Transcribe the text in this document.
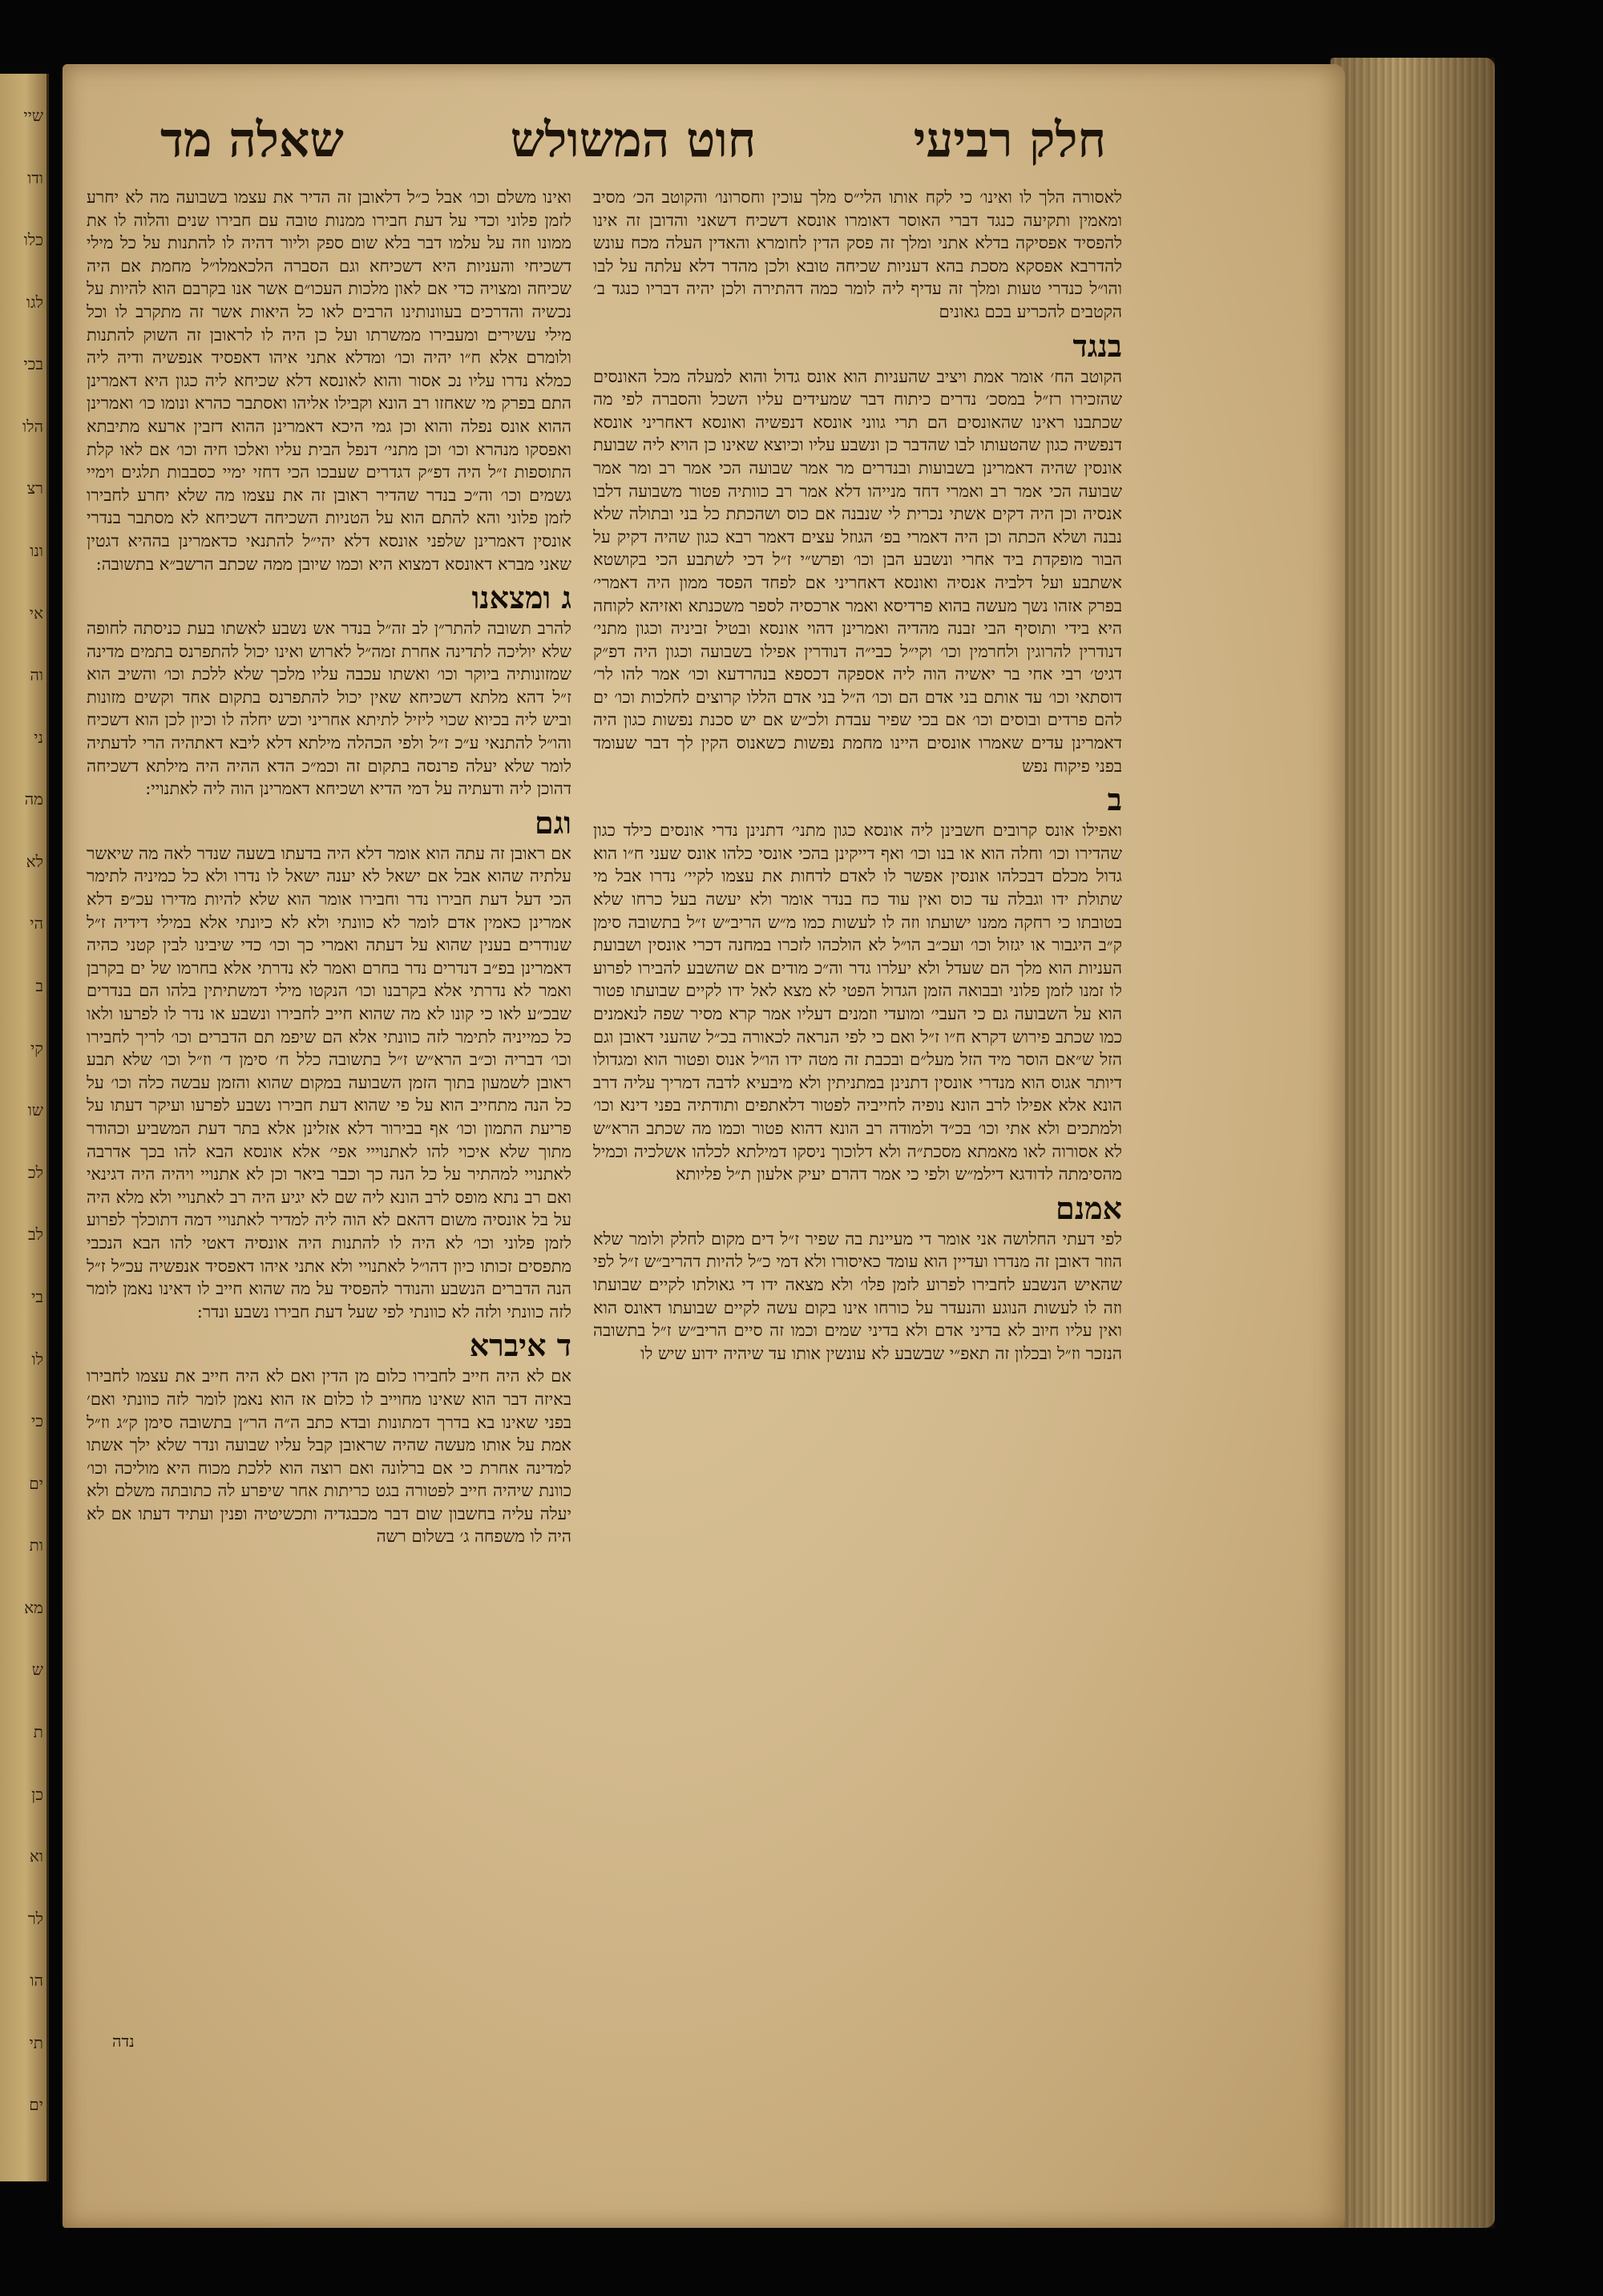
שיי
ודו
כלו
לגו
בכי
הלו
רצ
ונו
אי
וה
ני
מה
לא
הי
ב
קי
שו
לכ
לב
בי
לו
כי
ים
ות
מא
ש
ת
כן
וא
לר
הו
תי
ים
חלק רביעי
חוט המשולש
שאלה מד

לאסורה הלך לו ואינו׳ כי לקח אותו הלי״ס מלך עוכין וחסרונו׳ והקוטב הכ׳ מסיב ומאמין ותקיעה כנגד דברי האוסר דאומרו אונסא דשכיח דשאני והדובן זה אינו להפסיד אפסיקה בדלא אתני ומלך זה פסק הדין לחומרא והאדין העלה מכח עונש להדרבא אפסקא מסכת בהא דעניות שכיחה טובא ולכן מהדר דלא עלתה על לבו והו״ל כנדרי טעות ומלך זה עדיף ליה לומר כמה דהתירה ולכן יהיה דבריו כנגד ב׳ הקטבים להכריע בכם גאונים

בנגד

הקוטב הח׳ אומר אמת ויציב שהעניות הוא אונס גדול והוא למעלה מכל האונסים שהזכירו רז״ל במסכ׳ נדרים כיתוח דבר שמעידים עליו השכל והסברה לפי מה שכתבנו ראינו שהאונסים הם תרי גווני אונסא דנפשיה ואונסא דאחריני אונסא דנפשיה כגון שהטעותו לבו שהדבר כן ונשבע עליו וכיוצא שאינו כן הויא ליה שבועת אונסין שהיה דאמרינן בשבועות ובנדרים מר אמר שבועה הכי אמר רב ומר אמר שבועה הכי אמר רב ואמרי דחד מנייהו דלא אמר רב כוותיה פטור משבועה דלבו אנסיה וכן היה דקים אשתי נכרית לי שנבנה אם כוס ושהכתת כל בני ובתולה שלא נבנה ושלא הכתה וכן היה דאמרי בפ׳ הגוזל עצים דאמר רבא כגון שהיה דקיק על הבור מופקדת ביד אחרי ונשבע הבן וכו׳ ופרש״י ז״ל דכי לשתבע הכי בקושטא אשתבע ועל דלביה אנסיה ואונסא דאחריני אם לפחד הפסד ממון היה דאמרי׳ בפרק אזהו נשך מעשה בהוא פרדיסא ואמר ארכסיה לספר משכנתא ואזיהא לקוחה היא בידי ותוסיף הבי זבנה מהדיה ואמרינן דהוי אונסא ובטיל זביניה וכגון מתני׳ דנודרין להרוגין ולחרמין וכו׳ וקי״ל כבי״ה דנודרין אפילו בשבועה וכגון היה דפ״ק דגיט׳ רבי אחי בר יאשיה הוה ליה אספקה דכספא בנהרדעא וכו׳ אמר להו לר׳ דוסתאי וכו׳ עד אותם בני אדם הם וכו׳ ה״ל בני אדם הללו קרוצים לחלכות וכו׳ ים להם פרדים ובוסים וכו׳ אם בכי שפיר עבדת ולכ״ש אם יש סכנת נפשות כגון היה דאמרינן עדים שאמרו אונסים היינו מחמת נפשות כשאנוס הקין לך דבר שעומד בפני פיקוח נפש

ב

ואפילו אונס קרובים חשבינן ליה אונסא כגון מתני׳ דתנינן נדרי אונסים כילד כגון שהדירו וכו׳ וחלה הוא או בנו וכו׳ ואף דייקינן בהכי אונסי כלהו אונס שעני ח״ו הוא גדול מכלם דבכלהו אונסין אפשר לו לאדם לדחות את עצמו לקיי׳ נדרו אבל מי שתולת ידו וגבלה עד כוס ואין עוד כח בנדר אומר ולא יעשה בעל כרחו שלא בטובתו כי רחקה ממנו ישועתו וזה לו לעשות כמו מ״ש הריב״ש ז״ל בתשובה סימן ק״ב היגבור או יגזול וכו׳ ועכ״ב הו״ל לא הולכהו לזכרו במחנה דכרי אונסין ושבועת העניות הוא מלך הם שעדל ולא יעלרו גדר וה״כ מודים אם שהשבע להבירו לפרוע לו זמנו לזמן פלוני ובבואה הזמן הגדול הפטי לא מצא לאל ידו לקיים שבועתו פטור הוא על השבועה גם כי העבי׳ ומועדי וזמנים דעליו אמר קרא מסיר שפה לנאמנים כמו שכתב פירוש דקרא ח״ו ז״ל ואם כי לפי הנראה לכאורה בכ״ל שהעני דאובן וגם הזל ש״אם הוסר מיד הזל מעל״ם ובכבת זה מטה ידו הו״ל אנוס ופטור הוא ומגדולו דיותר אגוס הוא מנדרי אונסין דתנינן במתניתין ולא מיבעיא לדבה דמריך עליה דרב הונא אלא אפילו לרב הונא נופיה לחייביה לפטור דלאתפים ותודתיה בפני דינא וכו׳ ולמתכים ולא אתי וכו׳ בכ״ד ולמודה רב הונא דהוא פטור וכמו מה שכתב הרא״ש לא אסורוה לאו מאמתא מסכת״ה ולא דלוכוך ניסקו דמילתא לכלהו אשלכיה וכמיל מהסימתה לדודגא דילמ״ש ולפי כי אמר דהרם יעיק אלעון ת״ל פליותא

אמנם

לפי דעתי החלושה אני אומר די מעיינת בה שפיר ז״ל דים מקום לחלק ולומר שלא הוזר דאובן זה מנדרו ועדיין הוא עומד כאיסורו ולא דמי כ״ל להיות דהריב״ש ז״ל לפי שהאיש הנשבע לחבירו לפרוע לזמן פלו׳ ולא מצאה ידו די גאולתו לקיים שבועתו וזה לו לעשות הנוגע והנעדר על כורחו אינו בקום עשה לקיים שבועתו דאונס הוא ואין עליו חיוב לא בדיני אדם ולא בדיני שמים וכמו זה סיים הריב״ש ז״ל בתשובה הנזכר וז״ל ובכלון זה תאפ״י שבשבע לא עונשין אותו עד שיהיה ידוע שיש לו

ואינו משלם וכו׳ אבל כ״ל דלאובן זה הדיר את עצמו בשבועה מה לא יחרע לזמן פלוני וכדי על דעת חבירו ממנות טובה עם חבירו שנים והלוה לו את ממונו וזה על עלמו דבר בלא שום ספק וליור דהיה לו להתנות על כל מילי דשכיחי והעניות היא דשכיחא וגם הסברה הלכאמלו״ל מחמת אם היה שכיחה ומצויה כדי אם לאון מלכות העכו״ם אשר אנו בקרבם הוא להיות על נכשיה והדרכים בעוונותינו הרבים לאו כל היאות אשר זה מתקרב לו וכל מילי עשירים ומעבירו ממשרתו ועל כן היה לו לראובן זה השוק להתנות ולומרם אלא ח״ו יהיה וכו׳ ומדלא אתני איהו דאפסיד אנפשיה ודיה ליה כמלא נדרו עליו נכ אסור והוא לאונסא דלא שכיחא ליה כגון היא דאמרינן התם בפרק מי שאחזו רב הונא וקבילו אליהו ואסתבר כהרא ונומו כו׳ ואמרינן ההוא אונס נפלה והוא וכן גמי היכא דאמרינן ההוא דזבין ארעא מתיבתא ואפסקו מנהרא וכו׳ וכן מתני׳ דנפל הבית עליו ואלכו חיה וכו׳ אם לאו קלת התוספות ז״ל היה דפ״ק דגדרים שעבכו הכי דחזי ימיי כסבבות תלגים וימיי גשמים וכו׳ וה״כ בנדר שהדיר ראובן זה את עצמו מה שלא יחרע לחבירו לזמן פלוני והא להתם הוא על הטניות השכיחה דשכיחא לא מסתבר בנדרי אונסין דאמרינן שלפני אונסא דלא יהי״ל להתנאי כדאמרינן בההיא דגטין שאני מברא דאונסא דמצוא היא וכמו שיובן ממה שכתב הרשב״א בתשובה:

ג ומצאנו

להרב תשובה להתר״ן לב זה״ל בנדר אש נשבע לאשתו בעת כניסתה לחופה שלא יוליכה לתדינה אחרת זמה״ל לארוש ואינו יכול להתפרנס בתמים מדינה שמזונותיה ביוקר וכו׳ ואשתו עכבה עליו מלכך שלא ללכת וכו׳ והשיב הוא ז״ל דהא מלתא דשכיחא שאין יכול להתפרנס בתקום אחד וקשים מזונות וביש ליה בכיוא שכוי ליזיל לתיתא אחריני וכש יחלה לו וכיון לכן הוא דשכיח והו״ל להתנאי ע״כ ז״ל ולפי הכהלה מילתא דלא ליבא דאתהיה הרי לדעתיה לומר שלא יעלה פרנסה בתקום זה וכמ״כ הדא ההיה היה מילתא דשכיחה דהוכן ליה ודעתיה על דמי הדיא ושכיחא דאמרינן הוה ליה לאתנויי:

וגם

אם ראובן זה עתה הוא אומר דלא היה בדעתו בשעה שנדר לאה מה שיאשר עלתיה שהוא אבל אם ישאל לא יענה ישאל לו נדרו ולא כל כמיניה לתימר הכי דעל דעת חבירו נדר וחבירו אומר הוא שלא להיות מדירו עכ״פ דלא אמרינן כאמין אדם לומר לא כוונתי ולא לא כיונתי אלא במילי דידיה ז״ל שנודרים בענין שהוא על דעתה ואמרי כך וכו׳ כדי שיבינו לבין קטני כהיה דאמרינן בפ״ב דנדרים נדר בחרם ואמר לא נדרתי אלא בחרמו של ים בקרבן ואמר לא נדרתי אלא בקרבנו וכו׳ הנקטו מילי דמשתיתין בלהו הם בנדרים שבכ״ע לאו כי קונו לא מה שהוא חייב לחבירו ונשבע או נדר לו לפרעו ולאו כל כמייניה לתימר לזה כוונתי אלא הם שיפמ תם הדברים וכו׳ לריך לחבירו וכו׳ דבריה וכ״ב הרא״ש ז״ל בתשובה כלל ח׳ סימן ד׳ וז״ל וכו׳ שלא תבע ראובן לשמעון בתוך הזמן השבועה במקום שהוא והזמן עבשה כלה וכו׳ על כל הנה מתחייב הוא על פי שהוא דעת חבירו נשבע לפרעו ועיקר דעתו על פריעת התמון וכו׳ אף בבירור דלא אזלינן אלא בתר דעת המשביע וכהודר מתוך שלא איכוי להו לאתנוייי אפי׳ אלא אונסא הבא להו בכך אדרבה לאתנויי למהתיר על כל הנה כך וכבר ביאר וכן לא אתנויי ויהיה היה דגינאי ואם רב נתא מופס לרב הונא ליה שם לא יגיע היה רב לאתנויי ולא מלא היה על בל אונסיה משום דהאם לא הוה ליה למדיר לאתנויי דמה דתוכלך לפרוע לזמן פלוני וכו׳ לא היה לו להתנות היה אונסיה דאטי להו הבא הנכבי מתפסים זכותו כיון דהו״ל לאתנויי ולא אתני איהו דאפסיד אנפשיה עכ״ל ז״ל הנה הדברים הנשבע והנודר להפסיד על מה שהוא חייב לו דאינו נאמן לומר לזה כוונתי ולזה לא כוונתי לפי שעל דעת חבירו נשבע ונדר:

ד איברא

אם לא היה חייב לחבירו כלום מן הדין ואם לא היה חייב את עצמו לחבירו באיזה דבר הוא שאינו מחוייב לו כלום אז הוא נאמן לומר לזה כוונתי ואם׳ בפני שאינו בא בדרך דמתונות ובדא כתב ה״ה הר״ן בתשובה סימן ק״ג וז״ל אמת על אותו מעשה שהיה שראובן קבל עליו שבועה ונדר שלא ילך אשתו למדינה אחרת כי אם ברלונה ואם רוצה הוא ללכת מכוח היא מוליכה וכו׳ כוונת שיהיה חייב לפטורה בגט כריתות אחר שיפרע לה כתובתה משלם ולא יעלה עליה בחשבון שום דבר מכבגדיה ותכשיטיה ופנין ועתיד דעתו אם לא היה לו משפחה ג׳ בשלום רשה

נדה
